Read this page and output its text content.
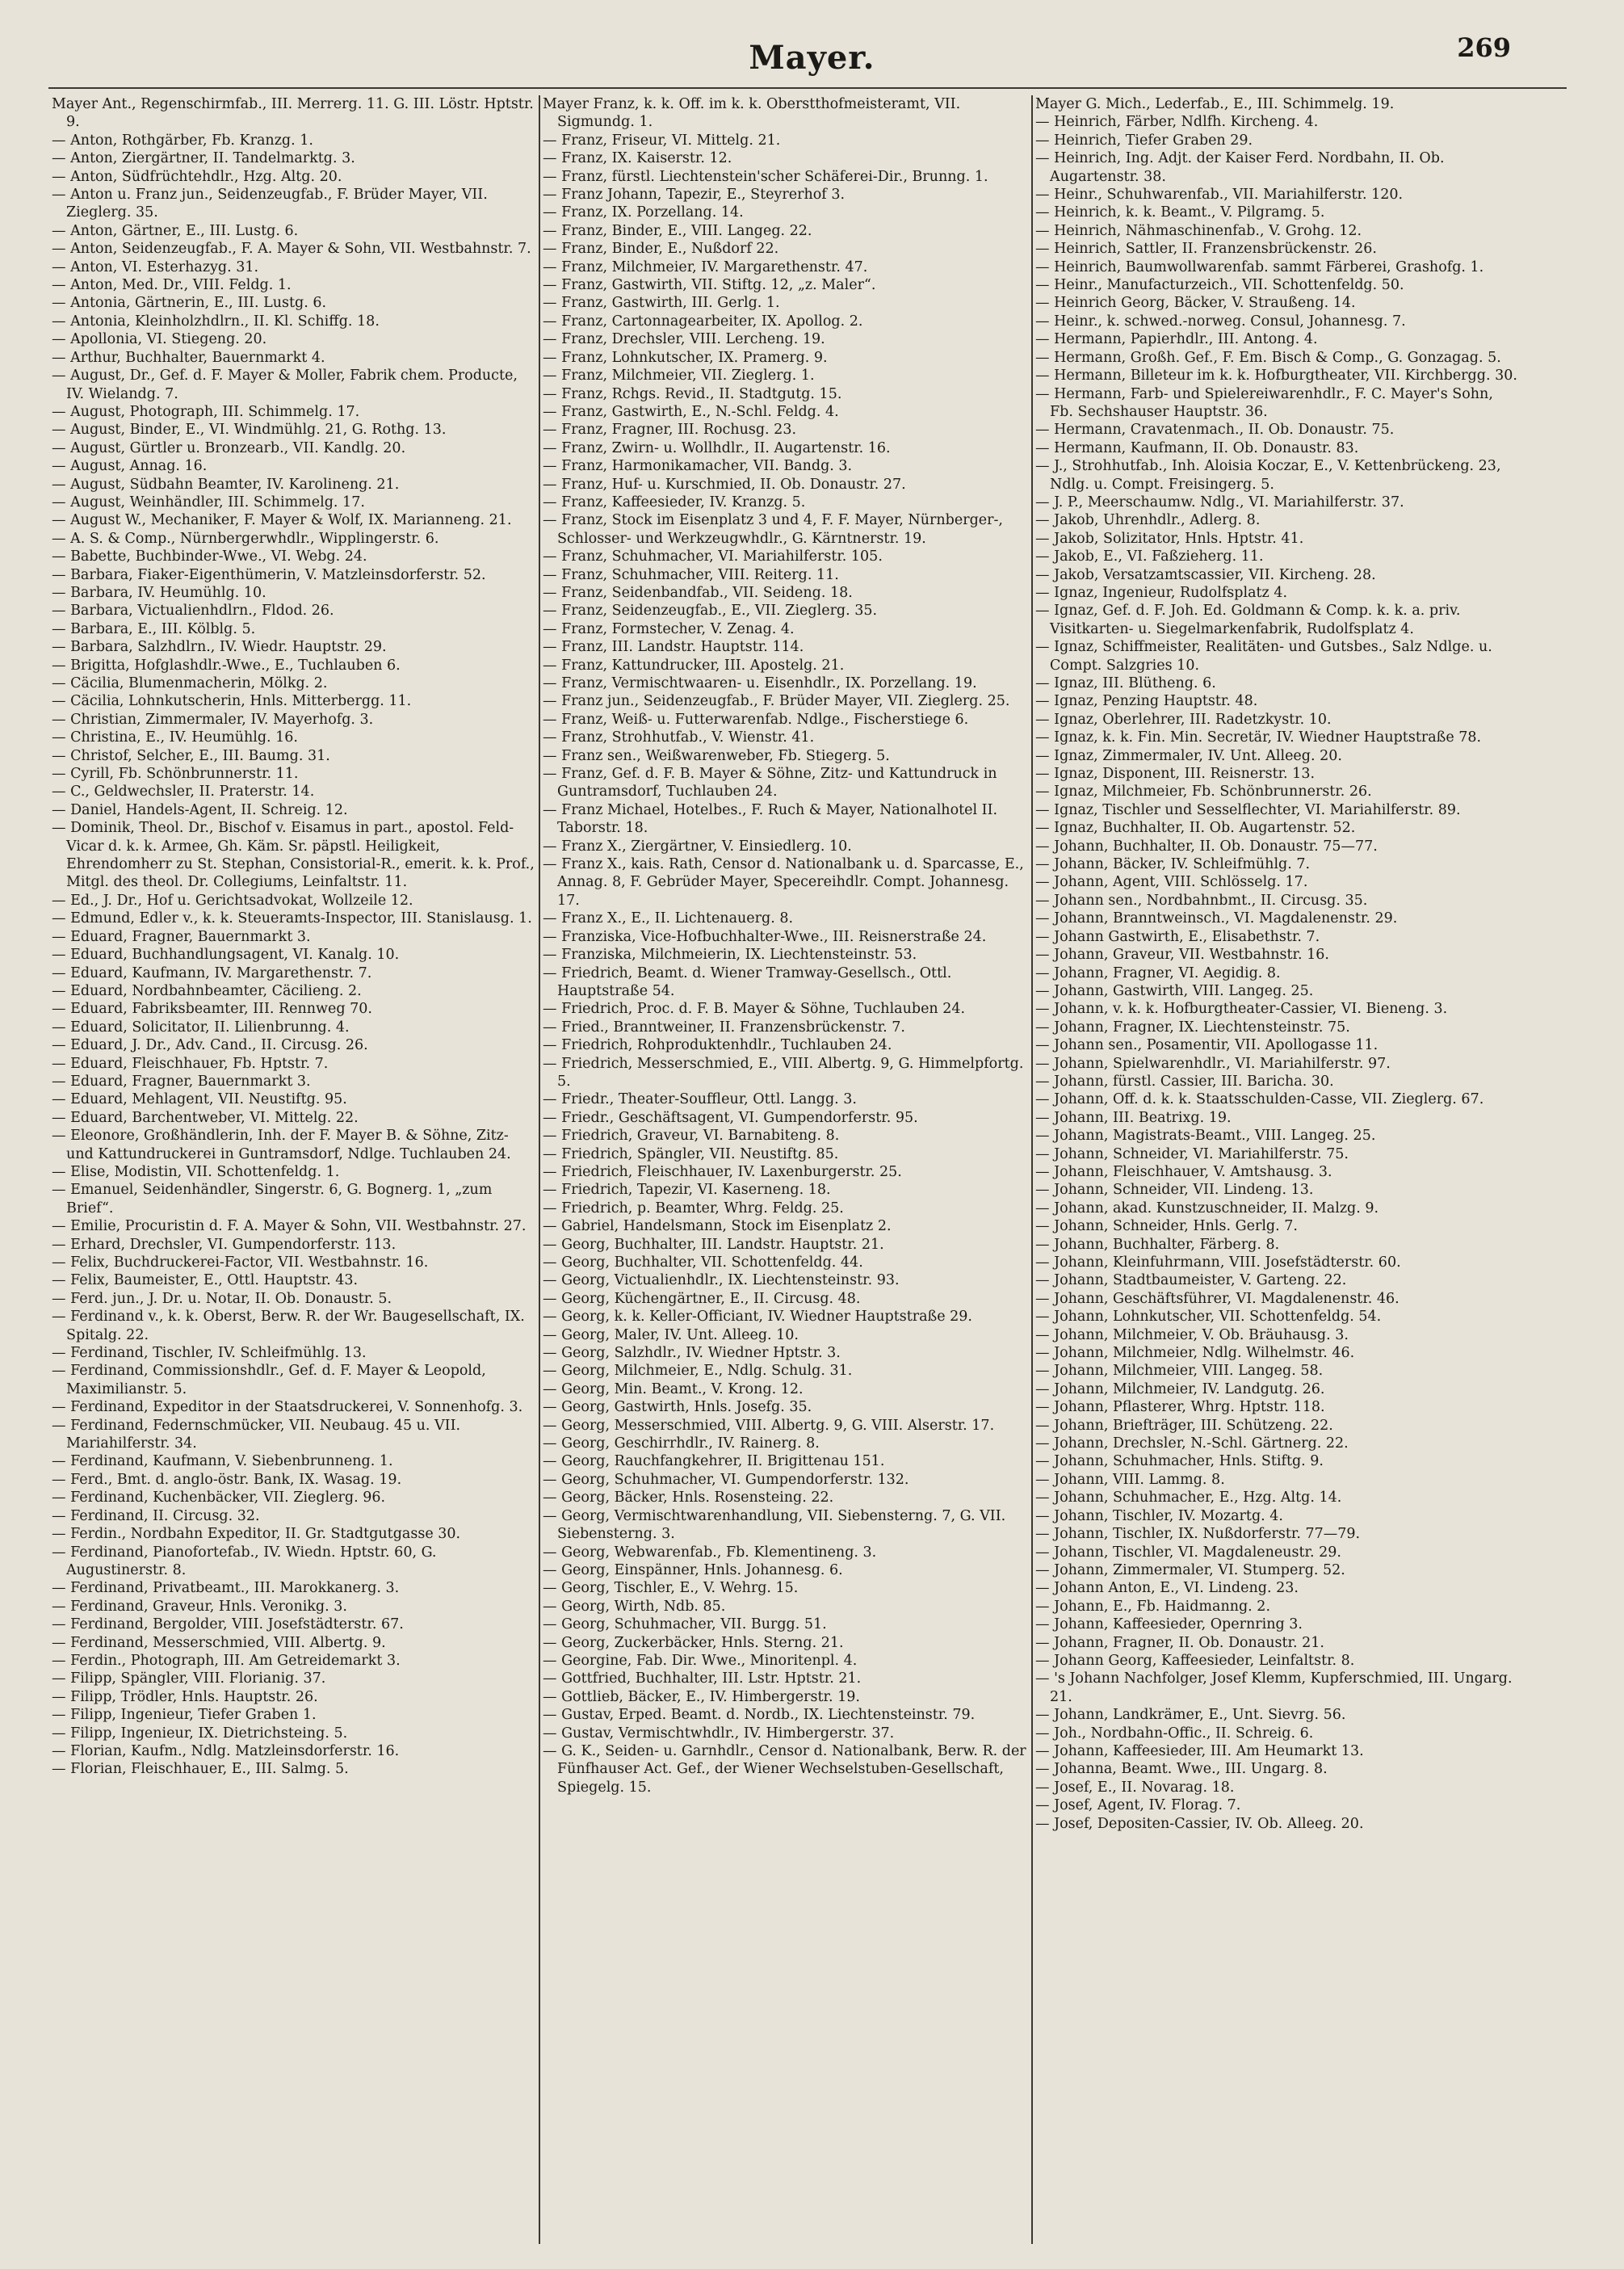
Mayer.	269
Mayer Ant., Regenschirmfab., III. Merrerg. 11. G. III. Löstr. Hptstr. 9.
— Anton, Rothgärber, Fb. Kranzg. 1.
— Anton, Ziergärtner, II. Tandelmarktg. 3.
— Anton, Südfrüchtehdlr., Hzg. Altg. 20.
— Anton u. Franz jun., Seidenzeugfab., F. Brüder Mayer, VII. Zieglerg. 35.
— Anton, Gärtner, E., III. Lustg. 6.
— Anton, Seidenzeugfab., F. A. Mayer & Sohn, VII. Westbahnstr. 7.
— Anton, VI. Esterhazyg. 31.
— Anton, Med. Dr., VIII. Feldg. 1.
— Antonia, Gärtnerin, E., III. Lustg. 6.
— Antonia, Kleinholzhdlrn., II. Kl. Schiffg. 18.
— Apollonia, VI. Stiegeng. 20.
— Arthur, Buchhalter, Bauernmarkt 4.
— August, Dr., Gef. d. F. Mayer & Moller, Fabrik chem. Producte, IV. Wielandg. 7.
— August, Photograph, III. Schimmelg. 17.
— August, Binder, E., VI. Windmühlg. 21, G. Rothg. 13.
— August, Gürtler u. Bronzearb., VII. Kandlg. 20.
— August, Annag. 16.
— August, Südbahn Beamter, IV. Karolineng. 21.
— August, Weinhändler, III. Schimmelg. 17.
— August W., Mechaniker, F. Mayer & Wolf, IX. Marianneng. 21.
— A. S. & Comp., Nürnbergerwhdlr., Wipplingerstr. 6.
— Babette, Buchbinder-Wwe., VI. Webg. 24.
— Barbara, Fiaker-Eigenthümerin, V. Matzleinsdorferstr. 52.
— Barbara, IV. Heumühlg. 10.
— Barbara, Victualienhdlrn., Fldod. 26.
— Barbara, E., III. Kölblg. 5.
— Barbara, Salzhdlrn., IV. Wiedr. Hauptstr. 29.
— Brigitta, Hofglashdlr.-Wwe., E., Tuchlauben 6.
— Cäcilia, Blumenmacherin, Mölkg. 2.
— Cäcilia, Lohnkutscherin, Hnls. Mitterbergg. 11.
— Christian, Zimmermaler, IV. Mayerhofg. 3.
— Christina, E., IV. Heumühlg. 16.
— Christof, Selcher, E., III. Baumg. 31.
— Cyrill, Fb. Schönbrunnerstr. 11.
— C., Geldwechsler, II. Praterstr. 14.
— Daniel, Handels-Agent, II. Schreig. 12.
— Dominik, Theol. Dr., Bischof v. Eisamus in part., apostol. Feld-Vicar d. k. k. Armee, Gh. Käm. Sr. päpstl. Heiligkeit, Ehrendomherr zu St. Stephan, Consistorial-R., emerit. k. k. Prof., Mitgl. des theol. Dr. Collegiums, Leinfaltstr. 11.
— Ed., J. Dr., Hof u. Gerichtsadvokat, Wollzeile 12.
— Edmund, Edler v., k. k. Steueramts-Inspector, III. Stanislausg. 1.
— Eduard, Fragner, Bauernmarkt 3.
— Eduard, Buchhandlungsagent, VI. Kanalg. 10.
— Eduard, Kaufmann, IV. Margarethenstr. 7.
— Eduard, Nordbahnbeamter, Cäcilieng. 2.
— Eduard, Fabriksbeamter, III. Rennweg 70.
— Eduard, Solicitator, II. Lilienbrunng. 4.
— Eduard, J. Dr., Adv. Cand., II. Circusg. 26.
— Eduard, Fleischhauer, Fb. Hptstr. 7.
— Eduard, Fragner, Bauernmarkt 3.
— Eduard, Mehlagent, VII. Neustiftg. 95.
— Eduard, Barchentweber, VI. Mittelg. 22.
— Eleonore, Großhändlerin, Inh. der F. Mayer B. & Söhne, Zitz- und Kattundruckerei in Guntramsdorf, Ndlge. Tuchlauben 24.
— Elise, Modistin, VII. Schottenfeldg. 1.
— Emanuel, Seidenhändler, Singerstr. 6, G. Bognerg. 1, „zum Brief“.
— Emilie, Procuristin d. F. A. Mayer & Sohn, VII. Westbahnstr. 27.
— Erhard, Drechsler, VI. Gumpendorferstr. 113.
— Felix, Buchdruckerei-Factor, VII. Westbahnstr. 16.
— Felix, Baumeister, E., Ottl. Hauptstr. 43.
— Ferd. jun., J. Dr. u. Notar, II. Ob. Donaustr. 5.
— Ferdinand v., k. k. Oberst, Berw. R. der Wr. Baugesellschaft, IX. Spitalg. 22.
— Ferdinand, Tischler, IV. Schleifmühlg. 13.
— Ferdinand, Commissionshdlr., Gef. d. F. Mayer & Leopold, Maximilianstr. 5.
— Ferdinand, Expeditor in der Staatsdruckerei, V. Sonnenhofg. 3.
— Ferdinand, Federnschmücker, VII. Neubaug. 45 u. VII. Mariahilferstr. 34.
— Ferdinand, Kaufmann, V. Siebenbrunneng. 1.
— Ferd., Bmt. d. anglo-östr. Bank, IX. Wasag. 19.
— Ferdinand, Kuchenbäcker, VII. Zieglerg. 96.
— Ferdinand, II. Circusg. 32.
— Ferdin., Nordbahn Expeditor, II. Gr. Stadtgutgasse 30.
— Ferdinand, Pianofortefab., IV. Wiedn. Hptstr. 60, G. Augustinerstr. 8.
— Ferdinand, Privatbeamt., III. Marokkanerg. 3.
— Ferdinand, Graveur, Hnls. Veronikg. 3.
— Ferdinand, Bergolder, VIII. Josefstädterstr. 67.
— Ferdinand, Messerschmied, VIII. Albertg. 9.
— Ferdin., Photograph, III. Am Getreidemarkt 3.
— Filipp, Spängler, VIII. Florianig. 37.
— Filipp, Trödler, Hnls. Hauptstr. 26.
— Filipp, Ingenieur, Tiefer Graben 1.
— Filipp, Ingenieur, IX. Dietrichsteing. 5.
— Florian, Kaufm., Ndlg. Matzleinsdorferstr. 16.
— Florian, Fleischhauer, E., III. Salmg. 5.
Mayer Franz, k. k. Off. im k. k. Oberstthofmeisteramt, VII. Sigmundg. 1.
— Franz, Friseur, VI. Mittelg. 21.
— Franz, IX. Kaiserstr. 12.
— Franz, fürstl. Liechtenstein'scher Schäferei-Dir., Brunng. 1.
— Franz Johann, Tapezir, E., Steyrerhof 3.
— Franz, IX. Porzellang. 14.
— Franz, Binder, E., VIII. Langeg. 22.
— Franz, Binder, E., Nußdorf 22.
— Franz, Milchmeier, IV. Margarethenstr. 47.
— Franz, Gastwirth, VII. Stiftg. 12, „z. Maler“.
— Franz, Gastwirth, III. Gerlg. 1.
— Franz, Cartonnagearbeiter, IX. Apollog. 2.
— Franz, Drechsler, VIII. Lercheng. 19.
— Franz, Lohnkutscher, IX. Pramerg. 9.
— Franz, Milchmeier, VII. Zieglerg. 1.
— Franz, Rchgs. Revid., II. Stadtgutg. 15.
— Franz, Gastwirth, E., N.-Schl. Feldg. 4.
— Franz, Fragner, III. Rochusg. 23.
— Franz, Zwirn- u. Wollhdlr., II. Augartenstr. 16.
— Franz, Harmonikamacher, VII. Bandg. 3.
— Franz, Huf- u. Kurschmied, II. Ob. Donaustr. 27.
— Franz, Kaffeesieder, IV. Kranzg. 5.
— Franz, Stock im Eisenplatz 3 und 4, F. F. Mayer, Nürnberger-, Schlosser- und Werkzeugwhdlr., G. Kärntnerstr. 19.
— Franz, Schuhmacher, VI. Mariahilferstr. 105.
— Franz, Schuhmacher, VIII. Reiterg. 11.
— Franz, Seidenbandfab., VII. Seideng. 18.
— Franz, Seidenzeugfab., E., VII. Zieglerg. 35.
— Franz, Formstecher, V. Zenag. 4.
— Franz, III. Landstr. Hauptstr. 114.
— Franz, Kattundrucker, III. Apostelg. 21.
— Franz, Vermischtwaaren- u. Eisenhdlr., IX. Porzellang. 19.
— Franz jun., Seidenzeugfab., F. Brüder Mayer, VII. Zieglerg. 25.
— Franz, Weiß- u. Futterwarenfab. Ndlge., Fischerstiege 6.
— Franz, Strohhutfab., V. Wienstr. 41.
— Franz sen., Weißwarenweber, Fb. Stiegerg. 5.
— Franz, Gef. d. F. B. Mayer & Söhne, Zitz- und Kattundruck in Guntramsdorf, Tuchlauben 24.
— Franz Michael, Hotelbes., F. Ruch & Mayer, Nationalhotel II. Taborstr. 18.
— Franz X., Ziergärtner, V. Einsiedlerg. 10.
— Franz X., kais. Rath, Censor d. Nationalbank u. d. Sparcasse, E., Annag. 8, F. Gebrüder Mayer, Specereihdlr. Compt. Johannesg. 17.
— Franz X., E., II. Lichtenauerg. 8.
— Franziska, Vice-Hofbuchhalter-Wwe., III. Reisnerstraße 24.
— Franziska, Milchmeierin, IX. Liechtensteinstr. 53.
— Friedrich, Beamt. d. Wiener Tramway-Gesellsch., Ottl. Hauptstraße 54.
— Friedrich, Proc. d. F. B. Mayer & Söhne, Tuchlauben 24.
— Fried., Branntweiner, II. Franzensbrückenstr. 7.
— Friedrich, Rohproduktenhdlr., Tuchlauben 24.
— Friedrich, Messerschmied, E., VIII. Albertg. 9, G. Himmelpfortg. 5.
— Friedr., Theater-Souffleur, Ottl. Langg. 3.
— Friedr., Geschäftsagent, VI. Gumpendorferstr. 95.
— Friedrich, Graveur, VI. Barnabiteng. 8.
— Friedrich, Spängler, VII. Neustiftg. 85.
— Friedrich, Fleischhauer, IV. Laxenburgerstr. 25.
— Friedrich, Tapezir, VI. Kaserneng. 18.
— Friedrich, p. Beamter, Whrg. Feldg. 25.
— Gabriel, Handelsmann, Stock im Eisenplatz 2.
— Georg, Buchhalter, III. Landstr. Hauptstr. 21.
— Georg, Buchhalter, VII. Schottenfeldg. 44.
— Georg, Victualienhdlr., IX. Liechtensteinstr. 93.
— Georg, Küchengärtner, E., II. Circusg. 48.
— Georg, k. k. Keller-Officiant, IV. Wiedner Hauptstraße 29.
— Georg, Maler, IV. Unt. Alleeg. 10.
— Georg, Salzhdlr., IV. Wiedner Hptstr. 3.
— Georg, Milchmeier, E., Ndlg. Schulg. 31.
— Georg, Min. Beamt., V. Krong. 12.
— Georg, Gastwirth, Hnls. Josefg. 35.
— Georg, Messerschmied, VIII. Albertg. 9, G. VIII. Alserstr. 17.
— Georg, Geschirrhdlr., IV. Rainerg. 8.
— Georg, Rauchfangkehrer, II. Brigittenau 151.
— Georg, Schuhmacher, VI. Gumpendorferstr. 132.
— Georg, Bäcker, Hnls. Rosensteing. 22.
— Georg, Vermischtwarenhandlung, VII. Siebensterng. 7, G. VII. Siebensterng. 3.
— Georg, Webwarenfab., Fb. Klementineng. 3.
— Georg, Einspänner, Hnls. Johannesg. 6.
— Georg, Tischler, E., V. Wehrg. 15.
— Georg, Wirth, Ndb. 85.
— Georg, Schuhmacher, VII. Burgg. 51.
— Georg, Zuckerbäcker, Hnls. Sterng. 21.
— Georgine, Fab. Dir. Wwe., Minoritenpl. 4.
— Gottfried, Buchhalter, III. Lstr. Hptstr. 21.
— Gottlieb, Bäcker, E., IV. Himbergerstr. 19.
— Gustav, Erped. Beamt. d. Nordb., IX. Liechtensteinstr. 79.
— Gustav, Vermischtwhdlr., IV. Himbergerstr. 37.
— G. K., Seiden- u. Garnhdlr., Censor d. Nationalbank, Berw. R. der Fünfhauser Act. Gef., der Wiener Wechselstuben-Gesellschaft, Spiegelg. 15.
Mayer G. Mich., Lederfab., E., III. Schimmelg. 19.
— Heinrich, Färber, Ndlfh. Kircheng. 4.
— Heinrich, Tiefer Graben 29.
— Heinrich, Ing. Adjt. der Kaiser Ferd. Nordbahn, II. Ob. Augartenstr. 38.
— Heinr., Schuhwarenfab., VII. Mariahilferstr. 120.
— Heinrich, k. k. Beamt., V. Pilgramg. 5.
— Heinrich, Nähmaschinenfab., V. Grohg. 12.
— Heinrich, Sattler, II. Franzensbrückenstr. 26.
— Heinrich, Baumwollwarenfab. sammt Färberei, Grashofg. 1.
— Heinr., Manufacturzeich., VII. Schottenfeldg. 50.
— Heinrich Georg, Bäcker, V. Straußeng. 14.
— Heinr., k. schwed.-norweg. Consul, Johannesg. 7.
— Hermann, Papierhdlr., III. Antong. 4.
— Hermann, Großh. Gef., F. Em. Bisch & Comp., G. Gonzagag. 5.
— Hermann, Billeteur im k. k. Hofburgtheater, VII. Kirchbergg. 30.
— Hermann, Farb- und Spielereiwarenhdlr., F. C. Mayer's Sohn, Fb. Sechshauser Hauptstr. 36.
— Hermann, Cravatenmach., II. Ob. Donaustr. 75.
— Hermann, Kaufmann, II. Ob. Donaustr. 83.
— J., Strohhutfab., Inh. Aloisia Koczar, E., V. Kettenbrückeng. 23, Ndlg. u. Compt. Freisingerg. 5.
— J. P., Meerschaumw. Ndlg., VI. Mariahilferstr. 37.
— Jakob, Uhrenhdlr., Adlerg. 8.
— Jakob, Solizitator, Hnls. Hptstr. 41.
— Jakob, E., VI. Faßzieherg. 11.
— Jakob, Versatzamtscassier, VII. Kircheng. 28.
— Ignaz, Ingenieur, Rudolfsplatz 4.
— Ignaz, Gef. d. F. Joh. Ed. Goldmann & Comp. k. k. a. priv. Visitkarten- u. Siegelmarkenfabrik, Rudolfsplatz 4.
— Ignaz, Schiffmeister, Realitäten- und Gutsbes., Salz Ndlge. u. Compt. Salzgries 10.
— Ignaz, III. Blütheng. 6.
— Ignaz, Penzing Hauptstr. 48.
— Ignaz, Oberlehrer, III. Radetzkystr. 10.
— Ignaz, k. k. Fin. Min. Secretär, IV. Wiedner Hauptstraße 78.
— Ignaz, Zimmermaler, IV. Unt. Alleeg. 20.
— Ignaz, Disponent, III. Reisnerstr. 13.
— Ignaz, Milchmeier, Fb. Schönbrunnerstr. 26.
— Ignaz, Tischler und Sesselflechter, VI. Mariahilferstr. 89.
— Ignaz, Buchhalter, II. Ob. Augartenstr. 52.
— Johann, Buchhalter, II. Ob. Donaustr. 75—77.
— Johann, Bäcker, IV. Schleifmühlg. 7.
— Johann, Agent, VIII. Schlösselg. 17.
— Johann sen., Nordbahnbmt., II. Circusg. 35.
— Johann, Branntweinsch., VI. Magdalenenstr. 29.
— Johann Gastwirth, E., Elisabethstr. 7.
— Johann, Graveur, VII. Westbahnstr. 16.
— Johann, Fragner, VI. Aegidig. 8.
— Johann, Gastwirth, VIII. Langeg. 25.
— Johann, v. k. k. Hofburgtheater-Cassier, VI. Bieneng. 3.
— Johann, Fragner, IX. Liechtensteinstr. 75.
— Johann sen., Posamentir, VII. Apollogasse 11.
— Johann, Spielwarenhdlr., VI. Mariahilferstr. 97.
— Johann, fürstl. Cassier, III. Baricha. 30.
— Johann, Off. d. k. k. Staatsschulden-Casse, VII. Zieglerg. 67.
— Johann, III. Beatrixg. 19.
— Johann, Magistrats-Beamt., VIII. Langeg. 25.
— Johann, Schneider, VI. Mariahilferstr. 75.
— Johann, Fleischhauer, V. Amtshausg. 3.
— Johann, Schneider, VII. Lindeng. 13.
— Johann, akad. Kunstzuschneider, II. Malzg. 9.
— Johann, Schneider, Hnls. Gerlg. 7.
— Johann, Buchhalter, Färberg. 8.
— Johann, Kleinfuhrmann, VIII. Josefstädterstr. 60.
— Johann, Stadtbaumeister, V. Garteng. 22.
— Johann, Geschäftsführer, VI. Magdalenenstr. 46.
— Johann, Lohnkutscher, VII. Schottenfeldg. 54.
— Johann, Milchmeier, V. Ob. Bräuhausg. 3.
— Johann, Milchmeier, Ndlg. Wilhelmstr. 46.
— Johann, Milchmeier, VIII. Langeg. 58.
— Johann, Milchmeier, IV. Landgutg. 26.
— Johann, Pflasterer, Whrg. Hptstr. 118.
— Johann, Briefträger, III. Schützeng. 22.
— Johann, Drechsler, N.-Schl. Gärtnerg. 22.
— Johann, Schuhmacher, Hnls. Stiftg. 9.
— Johann, VIII. Lammg. 8.
— Johann, Schuhmacher, E., Hzg. Altg. 14.
— Johann, Tischler, IV. Mozartg. 4.
— Johann, Tischler, IX. Nußdorferstr. 77—79.
— Johann, Tischler, VI. Magdaleneustr. 29.
— Johann, Zimmermaler, VI. Stumperg. 52.
— Johann Anton, E., VI. Lindeng. 23.
— Johann, E., Fb. Haidmanng. 2.
— Johann, Kaffeesieder, Opernring 3.
— Johann, Fragner, II. Ob. Donaustr. 21.
— Johann Georg, Kaffeesieder, Leinfaltstr. 8.
— 's Johann Nachfolger, Josef Klemm, Kupferschmied, III. Ungarg. 21.
— Johann, Landkrämer, E., Unt. Sievrg. 56.
— Joh., Nordbahn-Offic., II. Schreig. 6.
— Johann, Kaffeesieder, III. Am Heumarkt 13.
— Johanna, Beamt. Wwe., III. Ungarg. 8.
— Josef, E., II. Novarag. 18.
— Josef, Agent, IV. Florag. 7.
— Josef, Depositen-Cassier, IV. Ob. Alleeg. 20.
